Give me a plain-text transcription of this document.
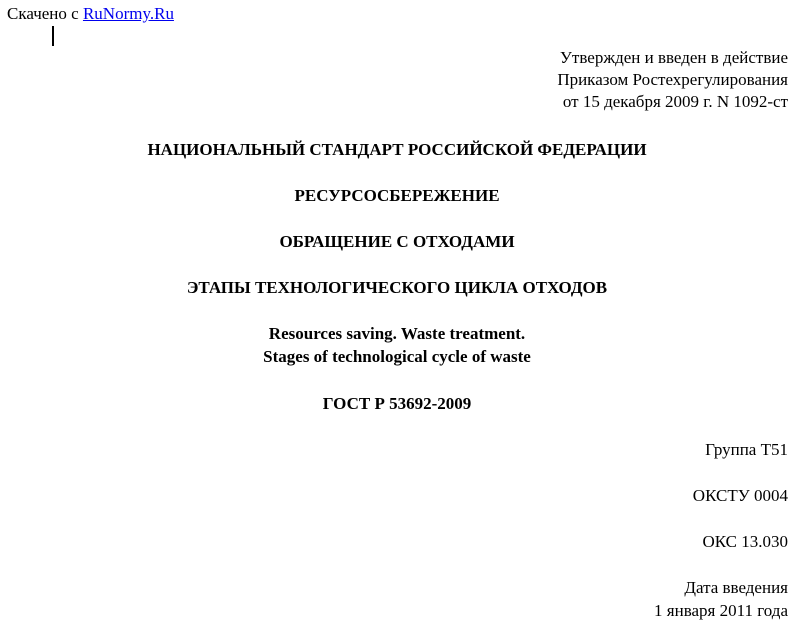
Скачено с RuNormy.Ru
Утвержден и введен в действие
Приказом Ростехрегулирования
от 15 декабря 2009 г. N 1092-ст
НАЦИОНАЛЬНЫЙ СТАНДАРТ РОССИЙСКОЙ ФЕДЕРАЦИИ
РЕСУРСОСБЕРЕЖЕНИЕ
ОБРАЩЕНИЕ С ОТХОДАМИ
ЭТАПЫ ТЕХНОЛОГИЧЕСКОГО ЦИКЛА ОТХОДОВ
Resources saving. Waste treatment.
Stages of technological cycle of waste
ГОСТ Р 53692-2009
Группа Т51
ОКСТУ 0004
ОКС 13.030
Дата введения
1 января 2011 года
